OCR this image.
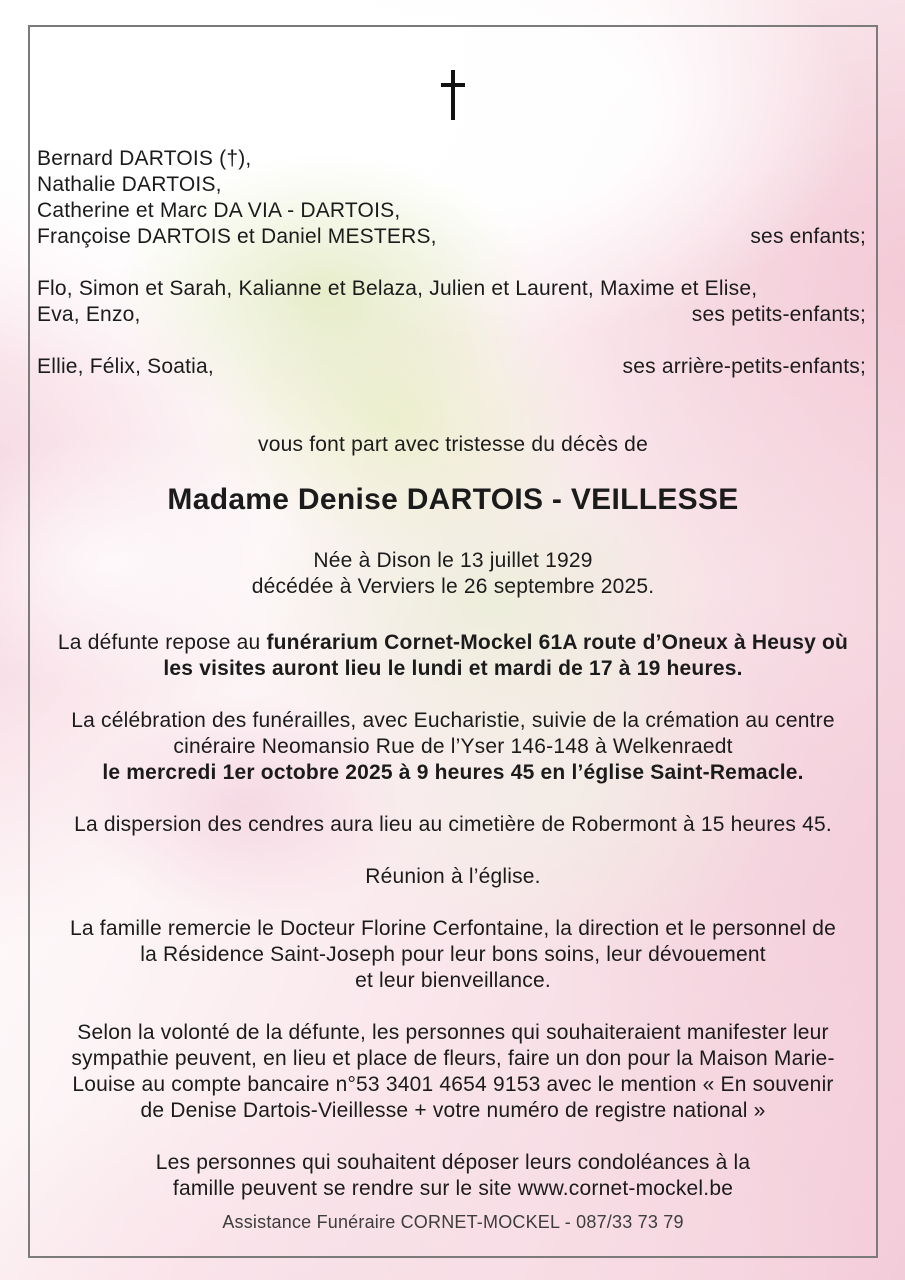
Bernard DARTOIS (†),
Nathalie DARTOIS,
Catherine et Marc DA VIA - DARTOIS,
Françoise DARTOIS et Daniel MESTERS,	ses enfants;
Flo, Simon et Sarah, Kalianne et Belaza, Julien et Laurent, Maxime et Elise,
Eva, Enzo,	ses petits-enfants;
Ellie, Félix, Soatia,	ses arrière-petits-enfants;
vous font part avec tristesse du décès de
Madame Denise DARTOIS - VEILLESSE
Née à Dison le 13 juillet 1929
décédée à Verviers le 26 septembre 2025.
La défunte repose au funérarium Cornet-Mockel 61A route d’Oneux à Heusy où
les visites auront lieu le lundi et mardi de 17 à 19 heures.
La célébration des funérailles, avec Eucharistie, suivie de la crémation au centre
cinéraire Neomansio Rue de l’Yser 146-148 à Welkenraedt
le mercredi 1er octobre 2025 à 9 heures 45 en l’église Saint-Remacle.
La dispersion des cendres aura lieu au cimetière de Robermont à 15 heures 45.
Réunion à l’église.
La famille remercie le Docteur Florine Cerfontaine, la direction et le personnel de
la Résidence Saint-Joseph pour leur bons soins, leur dévouement
et leur bienveillance.
Selon la volonté de la défunte, les personnes qui souhaiteraient manifester leur
sympathie peuvent, en lieu et place de fleurs, faire un don pour la Maison Marie-
Louise au compte bancaire n°53 3401 4654 9153 avec le mention « En souvenir
de Denise Dartois-Vieillesse + votre numéro de registre national »
Les personnes qui souhaitent déposer leurs condoléances à la
famille peuvent se rendre sur le site www.cornet-mockel.be
Assistance Funéraire CORNET-MOCKEL - 087/33 73 79
